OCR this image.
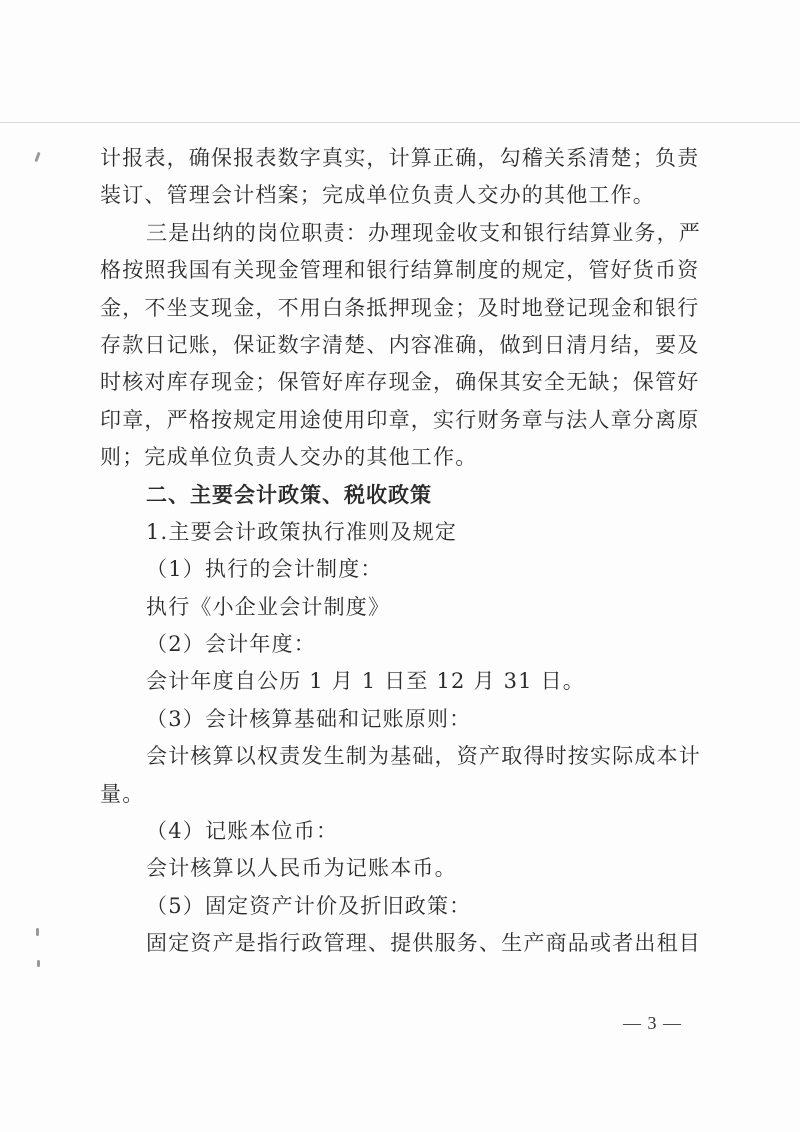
计报表，确保报表数字真实，计算正确，勾稽关系清楚；负责
装订、管理会计档案；完成单位负责人交办的其他工作。
三是出纳的岗位职责：办理现金收支和银行结算业务，严
格按照我国有关现金管理和银行结算制度的规定，管好货币资
金，不坐支现金，不用白条抵押现金；及时地登记现金和银行
存款日记账，保证数字清楚、内容准确，做到日清月结，要及
时核对库存现金；保管好库存现金，确保其安全无缺；保管好
印章，严格按规定用途使用印章，实行财务章与法人章分离原
则；完成单位负责人交办的其他工作。
二、主要会计政策、税收政策
1.主要会计政策执行准则及规定
（1）执行的会计制度：
执行《小企业会计制度》
（2）会计年度：
会计年度自公历 1 月 1 日至 12 月 31 日。
（3）会计核算基础和记账原则：
会计核算以权责发生制为基础，资产取得时按实际成本计
量。
（4）记账本位币：
会计核算以人民币为记账本币。
（5）固定资产计价及折旧政策：
固定资产是指行政管理、提供服务、生产商品或者出租目
— 3 —
